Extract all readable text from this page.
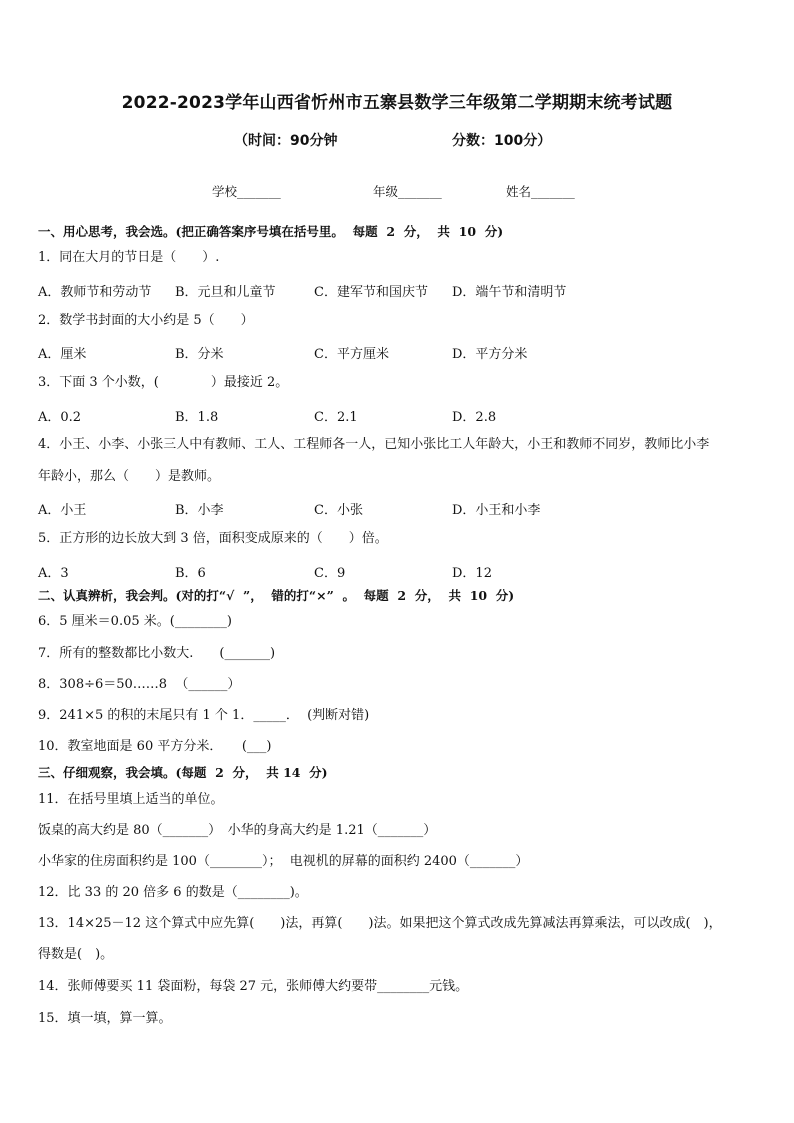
2022-2023学年山西省忻州市五寨县数学三年级第二学期期末统考试题
（时间：90分钟	分数：100分）
学校_______	年级_______	姓名_______
一、用心思考，我会选。(把正确答案序号填在括号里。  每题  2  分，  共  10  分)
1．同在大月的节日是（　　）.
A．教师节和劳动节 B．元旦和儿童节	C．建军节和国庆节 D．端午节和清明节
2．数学书封面的大小约是 5（　　）
A．厘米	B．分米	C．平方厘米	D．平方分米
3．下面 3 个小数，(　　　　）最接近 2。
A．0.2	B．1.8	C．2.1	D．2.8
4．小王、小李、小张三人中有教师、工人、工程师各一人，已知小张比工人年龄大，小王和教师不同岁，教师比小李
年龄小，那么（　　）是教师。
A．小王	B．小李	C．小张	D．小王和小李
5．正方形的边长放大到 3 倍，面积变成原来的（　　）倍。
A．3	B．6	C．9	D．12
二、认真辨析，我会判。(对的打“√  ”，  错的打“×”  。  每题  2  分，  共  10  分)
6．5 厘米＝0.05 米。(________)
7．所有的整数都比小数大.　　(_______)
8．308÷6＝50……8  （______）
9．241×5 的积的末尾只有 1 个 1．_____．  (判断对错)
10．教室地面是 60 平方分米．　　(___)
三、仔细观察，我会填。(每题  2  分，  共 14  分)
11．在括号里填上适当的单位。
饭桌的高大约是 80（_______）　小华的身高大约是 1.21（_______）
小华家的住房面积约是 100（________）；  电视机的屏幕的面积约 2400（_______）
12．比 33 的 20 倍多 6 的数是（________)。
13．14×25－12 这个算式中应先算(　　)法，再算(　　)法。如果把这个算式改成先算减法再算乘法，可以改成(　)，
得数是(　)。
14．张师傅要买 11 袋面粉，每袋 27 元，张师傅大约要带________元钱。
15．填一填，算一算。
